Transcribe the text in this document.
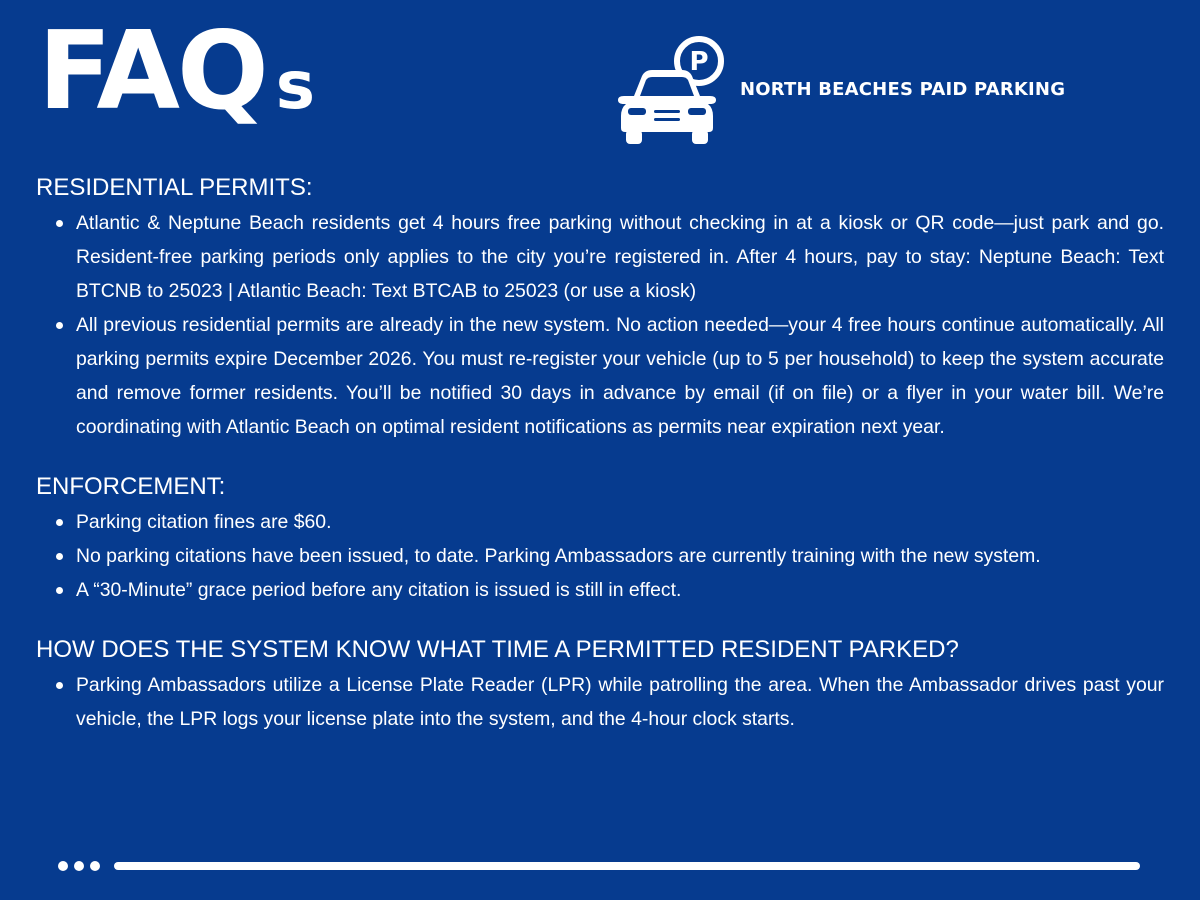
FAQ s	P
NORTH BEACHES PAID PARKING
RESIDENTIAL PERMITS:
Atlantic & Neptune Beach residents get 4 hours free parking without checking in at a kiosk or QR code—just park and go. Resident-free parking periods only applies to the city you’re registered in. After 4 hours, pay to stay: Neptune Beach: Text BTCNB to 25023 | Atlantic Beach: Text BTCAB to 25023 (or use a kiosk)
All previous residential permits are already in the new system. No action needed—your 4 free hours continue automatically. All parking permits expire December 2026. You must re-register your vehicle (up to 5 per household) to keep the system accurate and remove former residents. You’ll be notified 30 days in advance by email (if on file) or a flyer in your water bill. We’re coordinating with Atlantic Beach on optimal resident notifications as permits near expiration next year.
ENFORCEMENT:
Parking citation fines are $60.
No parking citations have been issued, to date. Parking Ambassadors are currently training with the new system.
A “30-Minute” grace period before any citation is issued is still in effect.
HOW DOES THE SYSTEM KNOW WHAT TIME A PERMITTED RESIDENT PARKED?
Parking Ambassadors utilize a License Plate Reader (LPR) while patrolling the area. When the Ambassador drives past your vehicle, the LPR logs your license plate into the system, and the 4-hour clock starts.
